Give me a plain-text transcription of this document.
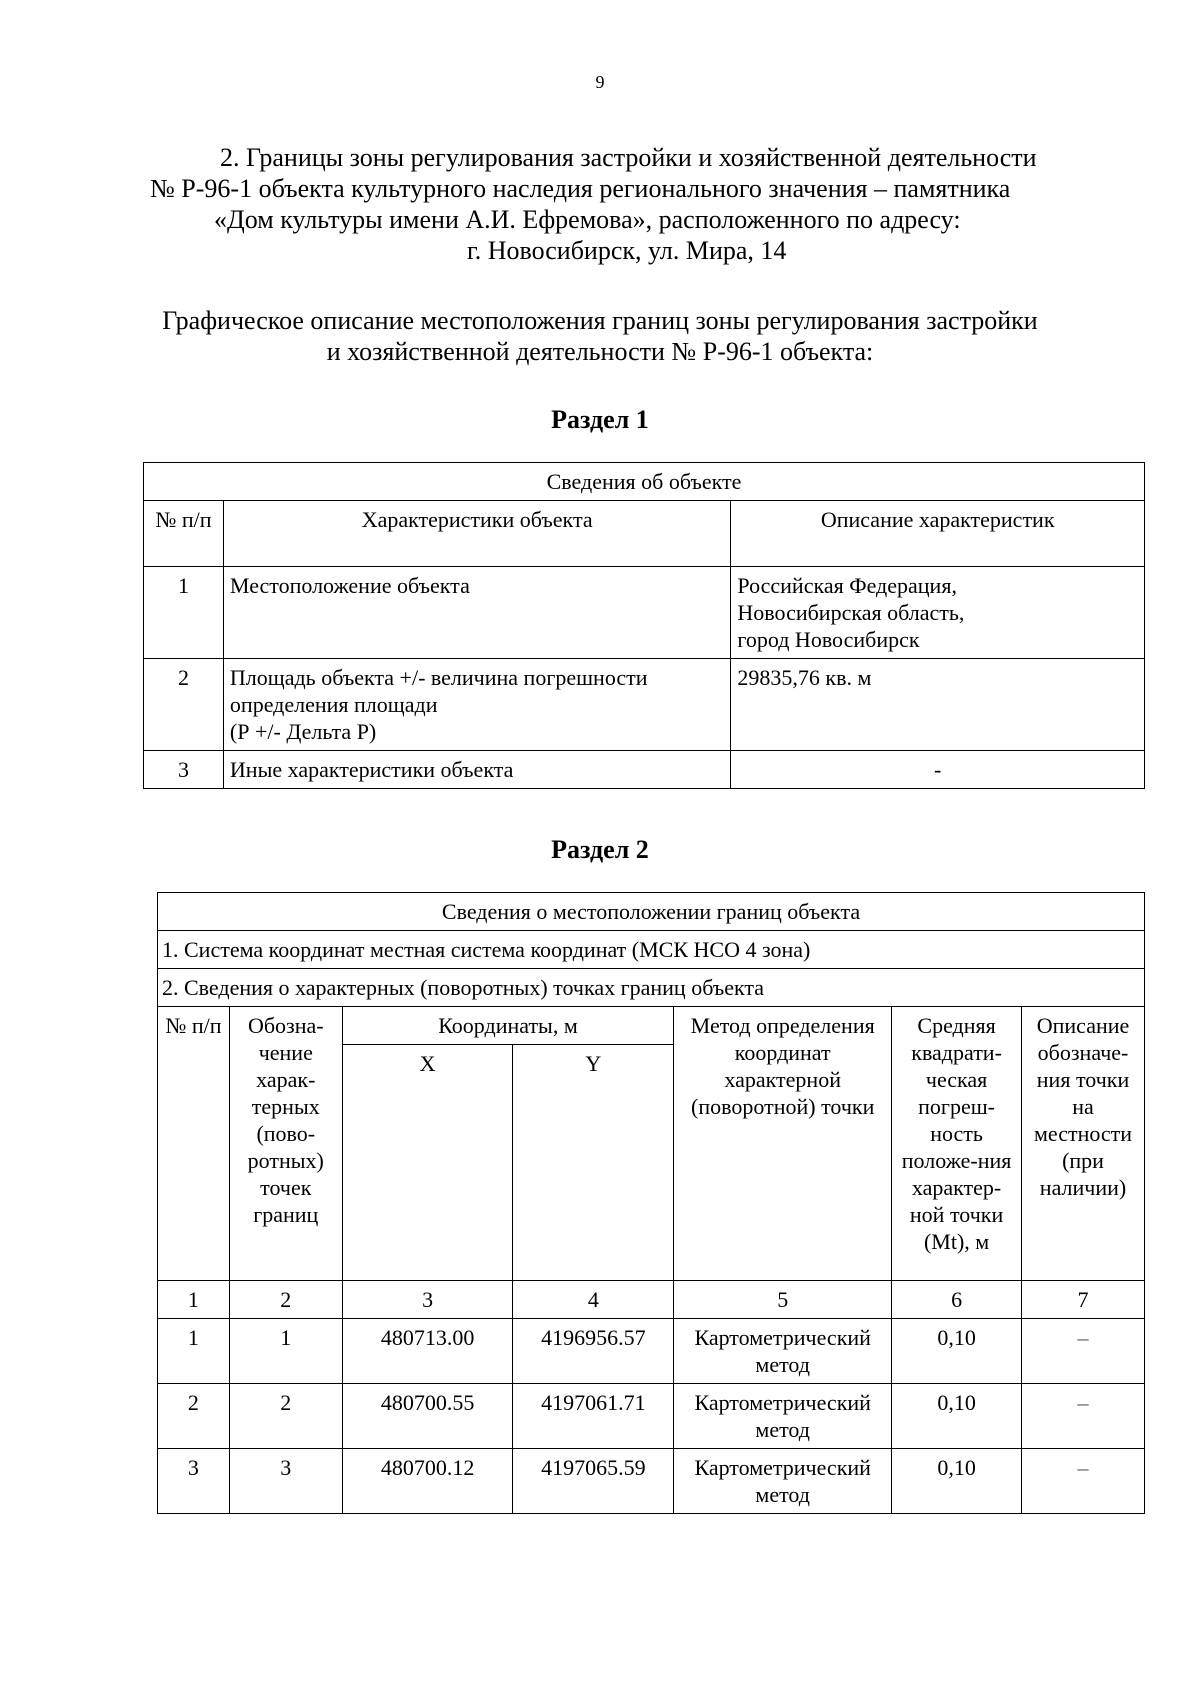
9
2. Границы зоны регулирования застройки и хозяйственной деятельности
№ Р-96-1 объекта культурного наследия регионального значения – памятника
«Дом культуры имени А.И. Ефремова», расположенного по адресу:
г. Новосибирск, ул. Мира, 14
Графическое описание местоположения границ зоны регулирования застройки
и хозяйственной деятельности № Р-96-1 объекта:
Раздел 1
Сведения об объекте		
№ п/п	Характеристики объекта	Описание характеристик
1	Местоположение объекта	Российская Федерация,
Новосибирская область,
город Новосибирск

2	Площадь объекта +/- величина погрешности
определения площади
(Р +/- Дельта Р)	29835,76 кв. м
3	Иные характеристики объекта	-
Раздел 2
Сведения о местоположении границ объекта						
1. Система координат местная система координат (МСК НСО 4 зона)						
2. Сведения о характерных (поворотных) точках границ объекта						
№ п/п	Обозна-чение харак-терных (пово-ротных) точек границ	Координаты, м		Метод определения координат характерной (поворотной) точки	Средняя квадрати-ческая погреш-ность положе-ния характер-ной точки (Mt), м	Описание обозначе-ния точки на местности (при наличии)
		X	Y			
1	2	3	4	5	6	7
1	1	480713.00	4196956.57	Картометрический метод	0,10	–
2	2	480700.55	4197061.71	Картометрический метод	0,10	–
3	3	480700.12	4197065.59	Картометрический метод	0,10	–
